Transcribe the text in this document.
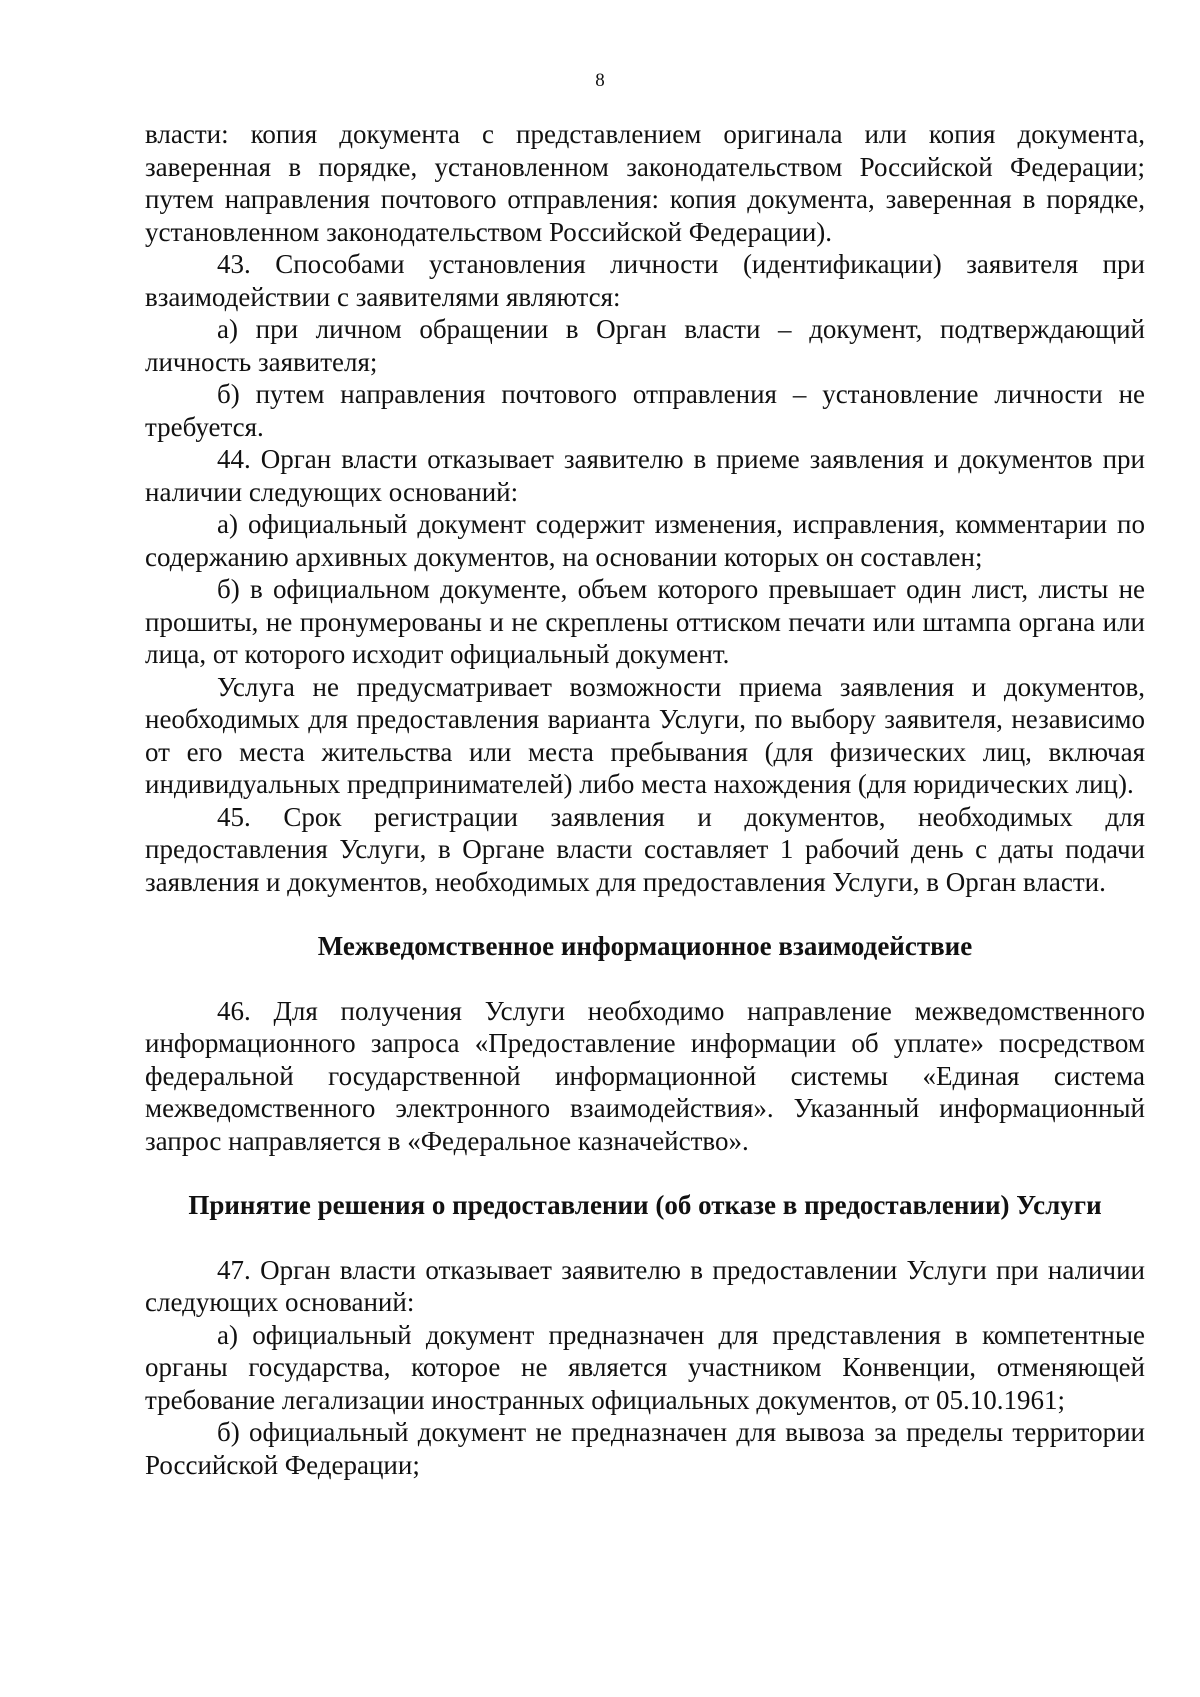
8

власти: копия документа с представлением оригинала или копия документа, заверенная в порядке, установленном законодательством Российской Федерации; путем направления почтового отправления: копия документа, заверенная в порядке, установленном законодательством Российской Федерации).

43. Способами установления личности (идентификации) заявителя при взаимодействии с заявителями являются:

а) при личном обращении в Орган власти – документ, подтверждающий личность заявителя;

б) путем направления почтового отправления – установление личности не требуется.

44. Орган власти отказывает заявителю в приеме заявления и документов при наличии следующих оснований:

а) официальный документ содержит изменения, исправления, комментарии по содержанию архивных документов, на основании которых он составлен;

б) в официальном документе, объем которого превышает один лист, листы не прошиты, не пронумерованы и не скреплены оттиском печати или штампа органа или лица, от которого исходит официальный документ.

Услуга не предусматривает возможности приема заявления и документов, необходимых для предоставления варианта Услуги, по выбору заявителя, независимо от его места жительства или места пребывания (для физических лиц, включая индивидуальных предпринимателей) либо места нахождения (для юридических лиц).

45. Срок регистрации заявления и документов, необходимых для предоставления Услуги, в Органе власти составляет 1 рабочий день с даты подачи заявления и документов, необходимых для предоставления Услуги, в Орган власти.

Межведомственное информационное взаимодействие

46. Для получения Услуги необходимо направление межведомственного информационного запроса «Предоставление информации об уплате» посредством федеральной государственной информационной системы «Единая система межведомственного электронного взаимодействия». Указанный информационный запрос направляется в «Федеральное казначейство».

Принятие решения о предоставлении (об отказе в предоставлении) Услуги

47. Орган власти отказывает заявителю в предоставлении Услуги при наличии следующих оснований:

а) официальный документ предназначен для представления в компетентные органы государства, которое не является участником Конвенции, отменяющей требование легализации иностранных официальных документов, от 05.10.1961;

б) официальный документ не предназначен для вывоза за пределы территории Российской Федерации;
